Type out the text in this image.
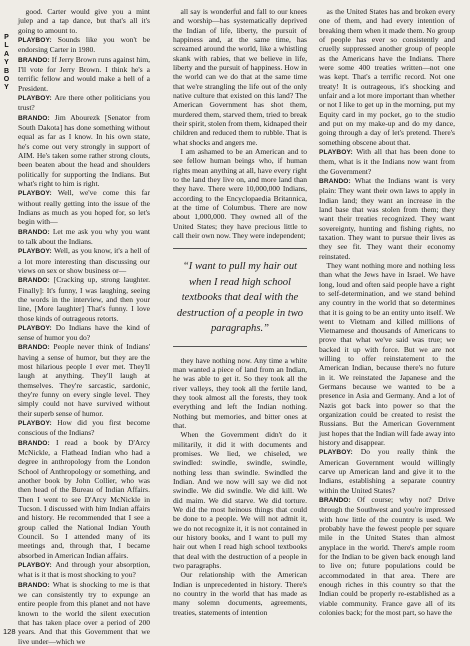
P
L
A
Y
B
O
Y

 good. Carter would give you a mint julep and a tap dance, but that's all it's going to amount to.

PLAYBOY: Sounds like you won't be endorsing Carter in 1980.

BRANDO: If Jerry Brown runs against him, I'll vote for Jerry Brown. I think he's a terrific fellow and would make a hell of a President.

PLAYBOY: Are there other politicians you trust?

BRANDO: Jim Abourezk [Senator from South Dakota] has done something without equal as far as I know. In his own state, he's come out very strongly in support of AIM. He's taken some rather strong clouts, been beaten about the head and shoulders politically for supporting the Indians. But what's right to him is right.

PLAYBOY: Well, we've come this far without really getting into the issue of the Indians as much as you hoped for, so let's begin with—

BRANDO: Let me ask you why you want to talk about the Indians.

PLAYBOY: Well, as you know, it's a hell of a lot more interesting than discussing our views on sex or show business or—

BRANDO: [Cracking up, strong laughter. Finally]: It's funny, I was laughing, seeing the words in the interview, and then your line, [More laughter] That's funny. I love those kinds of outrageous retorts.

PLAYBOY: Do Indians have the kind of sense of humor you do?

BRANDO: People never think of Indians' having a sense of humor, but they are the most hilarious people I ever met. They'll laugh at anything. They'll laugh at themselves. They're sarcastic, sardonic, they're funny on every single level. They simply could not have survived without their superb sense of humor.

PLAYBOY: How did you first become conscious of the Indians?

BRANDO: I read a book by D'Arcy McNickle, a Flathead Indian who had a degree in anthropology from the London School of Anthropology or something, and another book by John Collier, who was then head of the Bureau of Indian Affairs. Then I went to see D'Arcy McNickle in Tucson. I discussed with him Indian affairs and history. He recommended that I see a group called the National Indian Youth Council. So I attended many of its meetings and, through that, I became absorbed in American Indian affairs.

PLAYBOY: And through your absorption, what is it that is most shocking to you?

BRANDO: What is shocking to me is that we can consistently try to expunge an entire people from this planet and not have known to the world the silent execution that has taken place over a period of 200 years. And that this Government that we live under—which we

 all say is wonderful and fall to our knees and worship—has systematically deprived the Indian of life, liberty, the pursuit of happiness and, at the same time, has screamed around the world, like a whistling skank with rabies, that we believe in life, liberty and the pursuit of happiness. How in the world can we do that at the same time that we're strangling the life out of the only native culture that existed on this land? The American Government has shot them, murdered them, starved them, tried to break their spirit, stolen from them, kidnaped their children and reduced them to rubble. That is what shocks and angers me.

 I am ashamed to be an American and to see fellow human beings who, if human rights mean anything at all, have every right to the land they live on, and more land than they have. There were 10,000,000 Indians, according to the Encyclopaedia Britannica, at the time of Columbus. There are now about 1,000,000. They owned all of the United States; they have precious little to call their own now. They were independent;

“I want to pull my hair out when I read high school textbooks that deal with the destruction of a people in two paragraphs.”

 they have nothing now. Any time a white man wanted a piece of land from an Indian, he was able to get it. So they took all the river valleys, they took all the fertile land, they took almost all the forests, they took everything and left the Indian nothing. Nothing but memories, and bitter ones at that.

 When the Government didn't do it militarily, it did it with documents and promises. We lied, we chiseled, we swindled: swindle, swindle, swindle, nothing less than swindle. Swindled the Indian. And we now will say we did not swindle. We did swindle. We did kill. We did maim. We did starve. We did torture. We did the most heinous things that could be done to a people. We will not admit it, we do not recognize it, it is not contained in our history books, and I want to pull my hair out when I read high school textbooks that deal with the destruction of a people in two paragraphs.

 Our relationship with the American Indian is unprecedented in history. There's no country in the world that has made as many solemn documents, agreements, treaties, statements of intention

 as the United States has and broken every one of them, and had every intention of breaking them when it made them. No group of people has ever so consistently and cruelly suppressed another group of people as the Americans have the Indians. There were some 400 treaties written—not one was kept. That's a terrific record. Not one treaty! It is outrageous, it's shocking and unfair and a lot more important than whether or not I like to get up in the morning, put my Equity card in my pocket, go to the studio and put on my make-up and do my dance, going through a day of let's pretend. There's something obscene about that.

PLAYBOY: With all that has been done to them, what is it the Indians now want from the Government?

BRANDO: What the Indians want is very plain: They want their own laws to apply in Indian land; they want an increase in the land base that was stolen from them; they want their treaties recognized. They want sovereignty, hunting and fishing rights, no taxation. They want to pursue their lives as they see fit. They want their economy reinstated.

 They want nothing more and nothing less than what the Jews have in Israel. We have long, loud and often said people have a right to self-determination, and we stand behind any country in the world that so determines that it is going to be an entity unto itself. We went to Vietnam and killed millions of Vietnamese and thousands of Americans to prove that what we've said was true; we backed it up with force. But we are not willing to offer reinstatement to the American Indian, because there's no future in it. We reinstated the Japanese and the Germans because we wanted to be a presence in Asia and Germany. And a lot of Nazis got back into power so that the organization could be created to resist the Russians. But the American Government just hopes that the Indian will fade away into history and disappear.

PLAYBOY: Do you really think the American Government would willingly carve up American land and give it to the Indians, establishing a separate country within the United States?

BRANDO: Of course; why not? Drive through the Southwest and you're impressed with how little of the country is used. We probably have the fewest people per square mile in the United States than almost anyplace in the world. There's ample room for the Indian to be given back enough land to live on; future populations could be accommodated in that area. There are enough riches in this country so that the Indian could be properly re-established as a viable community. France gave all of its colonies back; for the most part, so have the

128
